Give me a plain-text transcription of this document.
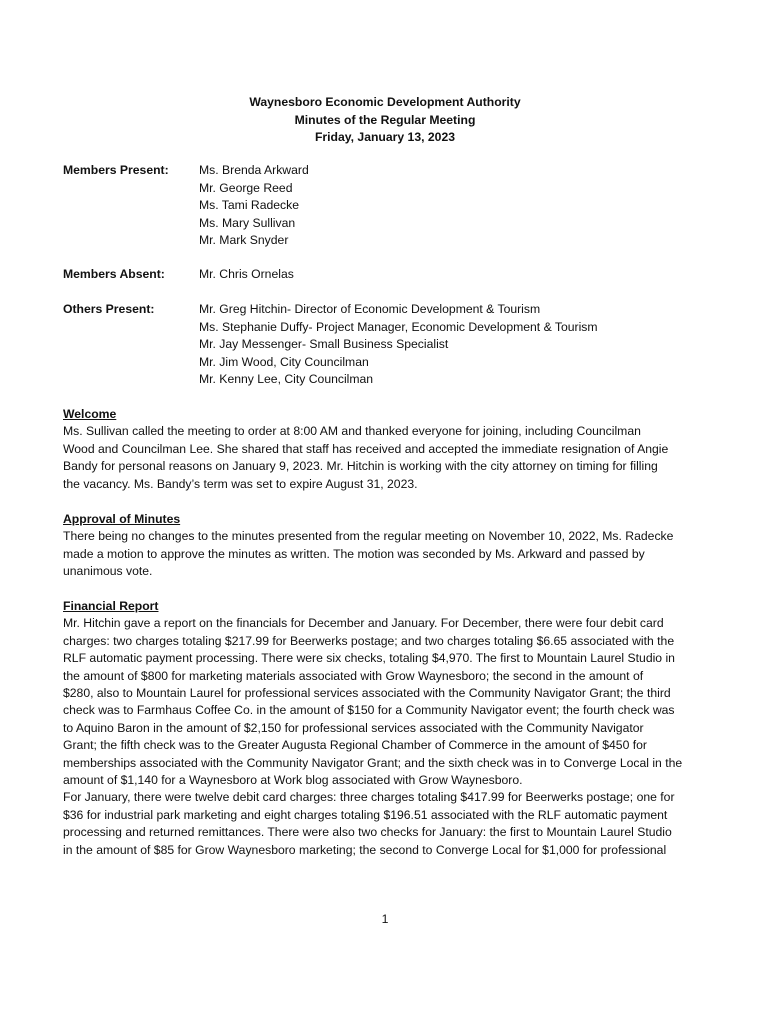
Waynesboro Economic Development Authority
Minutes of the Regular Meeting
Friday, January 13, 2023
Members Present: Ms. Brenda Arkward
Mr. George Reed
Ms. Tami Radecke
Ms. Mary Sullivan
Mr. Mark Snyder
Members Absent:	Mr. Chris Ornelas
Others Present:	Mr. Greg Hitchin- Director of Economic Development & Tourism
Ms. Stephanie Duffy- Project Manager, Economic Development & Tourism
Mr. Jay Messenger- Small Business Specialist
Mr. Jim Wood, City Councilman
Mr. Kenny Lee, City Councilman
Welcome
Ms. Sullivan called the meeting to order at 8:00 AM and thanked everyone for joining, including Councilman
Wood and Councilman Lee. She shared that staff has received and accepted the immediate resignation of Angie
Bandy for personal reasons on January 9, 2023. Mr. Hitchin is working with the city attorney on timing for filling
the vacancy. Ms. Bandy’s term was set to expire August 31, 2023.
Approval of Minutes
There being no changes to the minutes presented from the regular meeting on November 10, 2022, Ms. Radecke
made a motion to approve the minutes as written. The motion was seconded by Ms. Arkward and passed by
unanimous vote.
Financial Report
Mr. Hitchin gave a report on the financials for December and January. For December, there were four debit card
charges: two charges totaling $217.99 for Beerwerks postage; and two charges totaling $6.65 associated with the
RLF automatic payment processing. There were six checks, totaling $4,970. The first to Mountain Laurel Studio in
the amount of $800 for marketing materials associated with Grow Waynesboro; the second in the amount of
$280, also to Mountain Laurel for professional services associated with the Community Navigator Grant; the third
check was to Farmhaus Coffee Co. in the amount of $150 for a Community Navigator event; the fourth check was
to Aquino Baron in the amount of $2,150 for professional services associated with the Community Navigator
Grant; the fifth check was to the Greater Augusta Regional Chamber of Commerce in the amount of $450 for
memberships associated with the Community Navigator Grant; and the sixth check was in to Converge Local in the
amount of $1,140 for a Waynesboro at Work blog associated with Grow Waynesboro.
For January, there were twelve debit card charges: three charges totaling $417.99 for Beerwerks postage; one for
$36 for industrial park marketing and eight charges totaling $196.51 associated with the RLF automatic payment
processing and returned remittances. There were also two checks for January: the first to Mountain Laurel Studio
in the amount of $85 for Grow Waynesboro marketing; the second to Converge Local for $1,000 for professional
1
